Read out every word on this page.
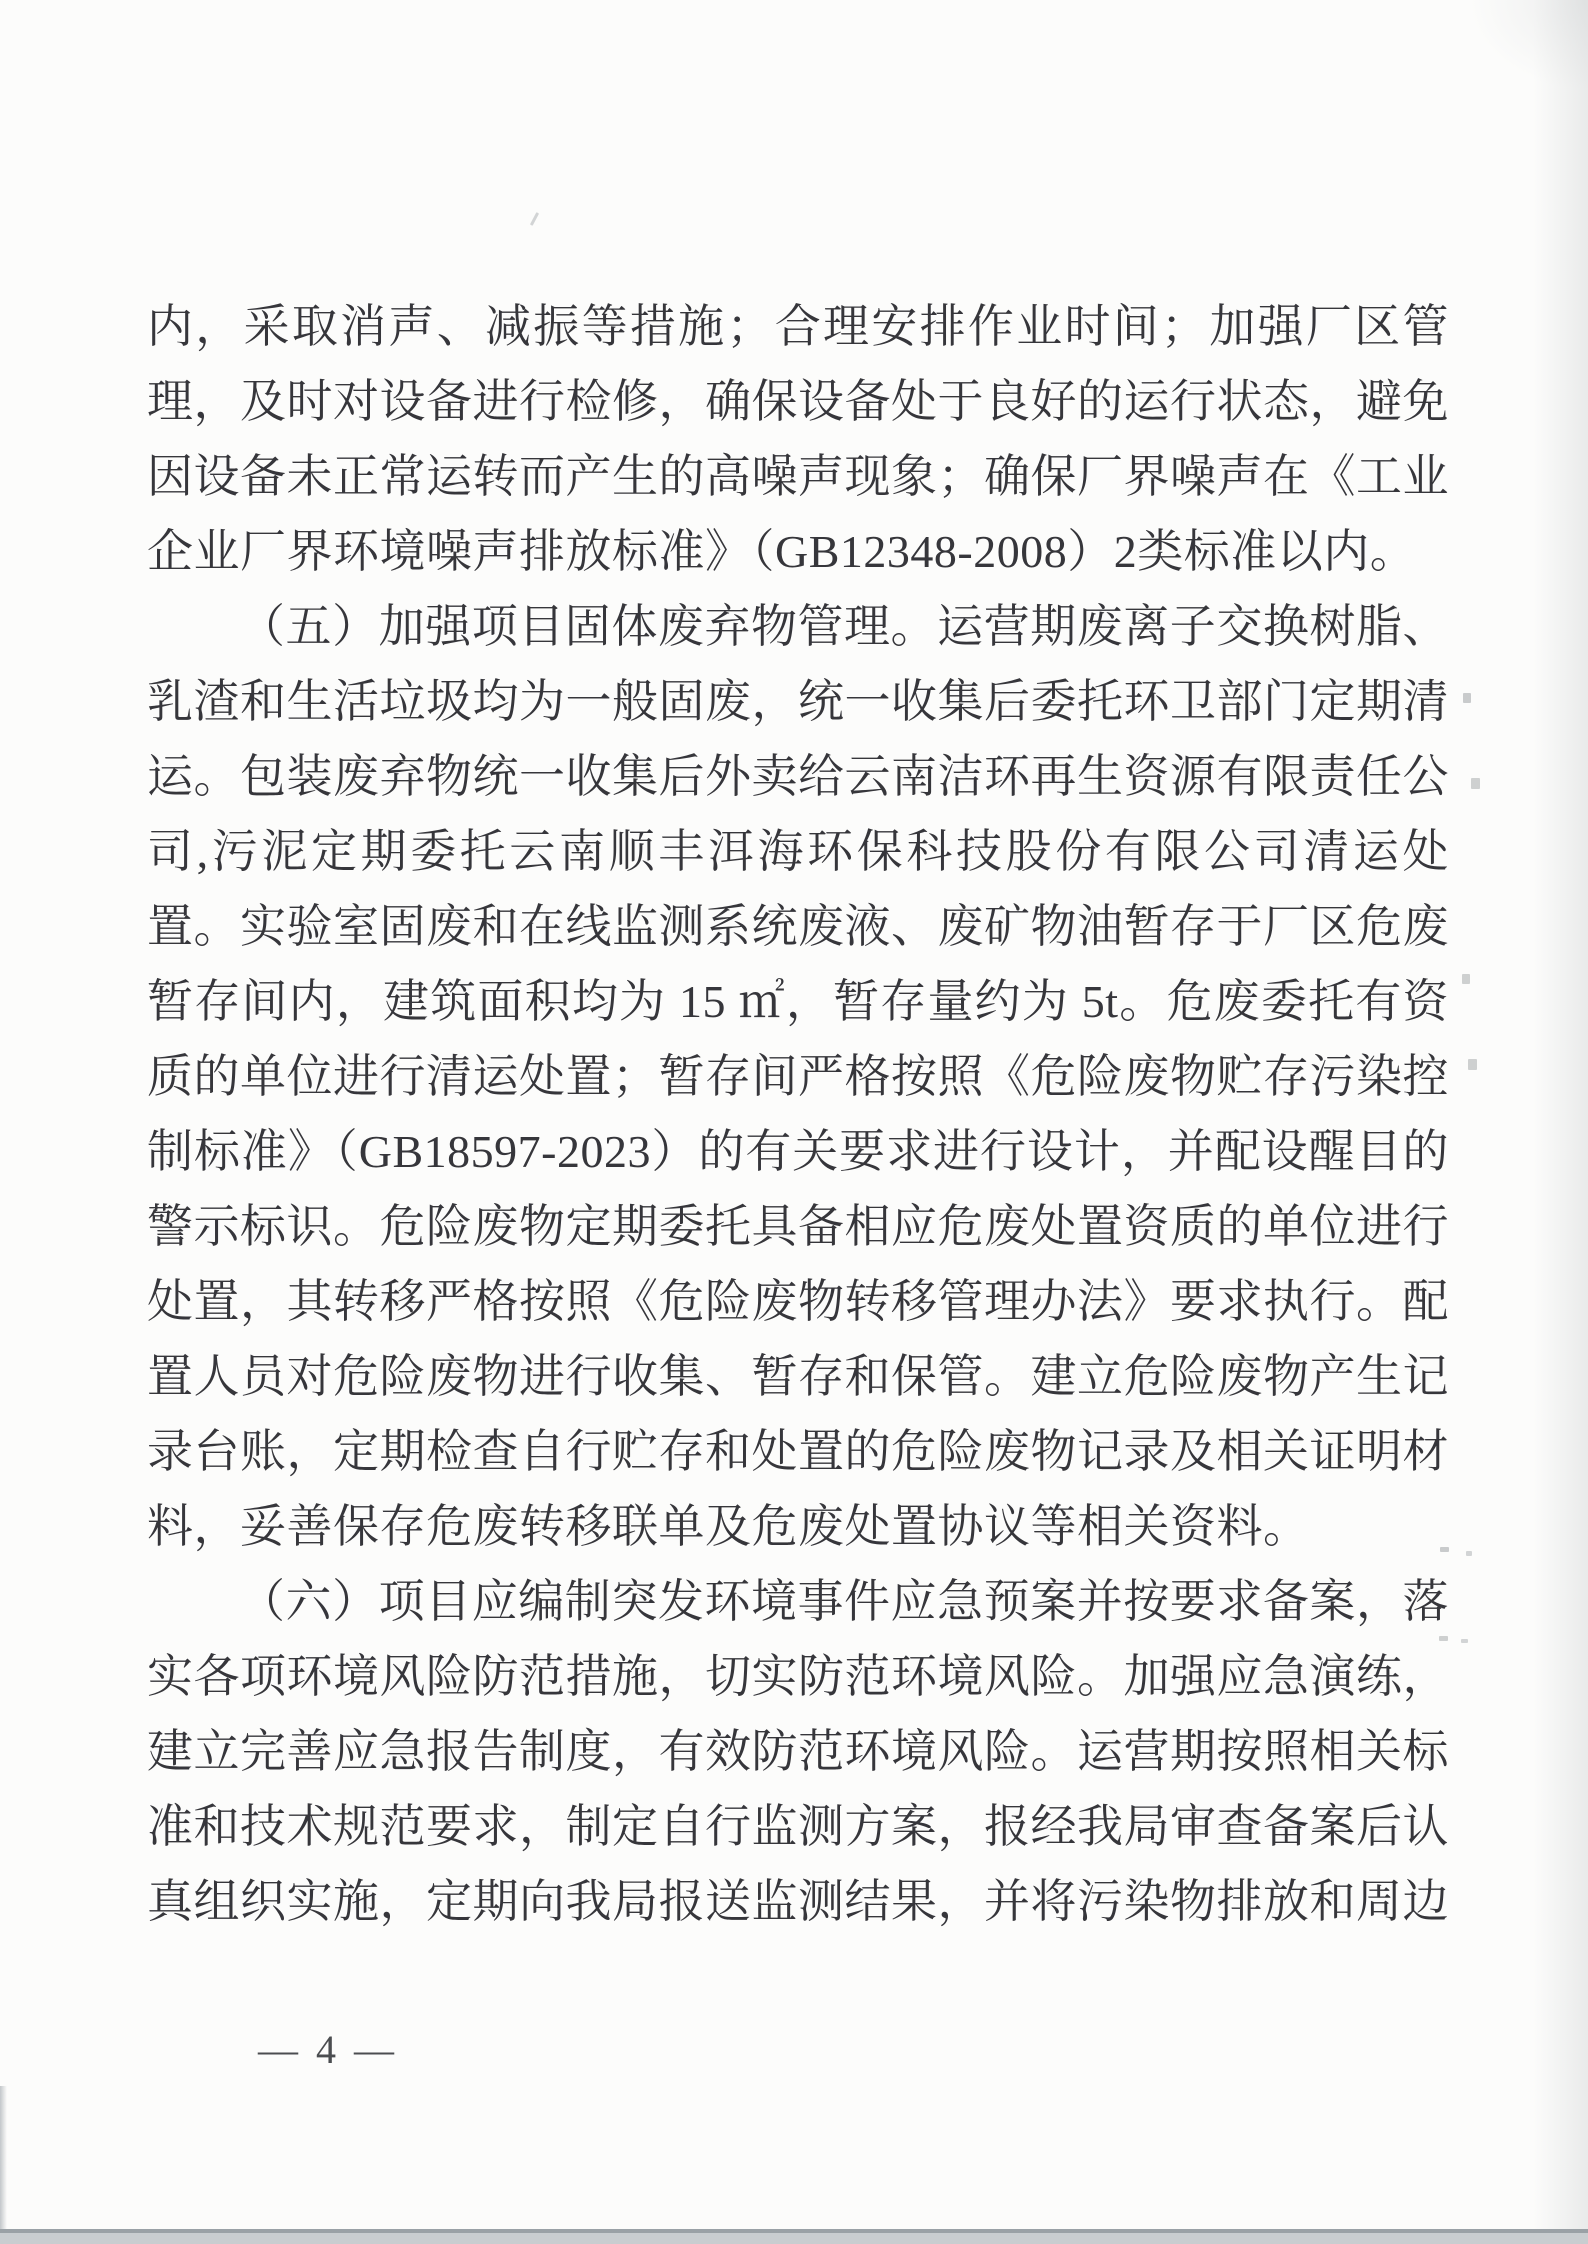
内，采取消声、减振等措施；合理安排作业时间；加强厂区管理，及时对设备进行检修，确保设备处于良好的运行状态，避免因设备未正常运转而产生的高噪声现象；确保厂界噪声在《工业企业厂界环境噪声排放标准》（GB12348-2008）2类标准以内。

（五）加强项目固体废弃物管理。运营期废离子交换树脂、乳渣和生活垃圾均为一般固废，统一收集后委托环卫部门定期清运。包装废弃物统一收集后外卖给云南洁环再生资源有限责任公司,污泥定期委托云南顺丰洱海环保科技股份有限公司清运处置。实验室固废和在线监测系统废液、废矿物油暂存于厂区危废暂存间内，建筑面积均为 15 ㎡，暂存量约为 5t。危废委托有资质的单位进行清运处置；暂存间严格按照《危险废物贮存污染控制标准》（GB18597-2023）的有关要求进行设计，并配设醒目的警示标识。危险废物定期委托具备相应危废处置资质的单位进行处置，其转移严格按照《危险废物转移管理办法》要求执行。配置人员对危险废物进行收集、暂存和保管。建立危险废物产生记录台账，定期检查自行贮存和处置的危险废物记录及相关证明材料，妥善保存危废转移联单及危废处置协议等相关资料。

（六）项目应编制突发环境事件应急预案并按要求备案，落实各项环境风险防范措施，切实防范环境风险。加强应急演练，建立完善应急报告制度，有效防范环境风险。运营期按照相关标准和技术规范要求，制定自行监测方案，报经我局审查备案后认真组织实施，定期向我局报送监测结果，并将污染物排放和周边

— 4 —
